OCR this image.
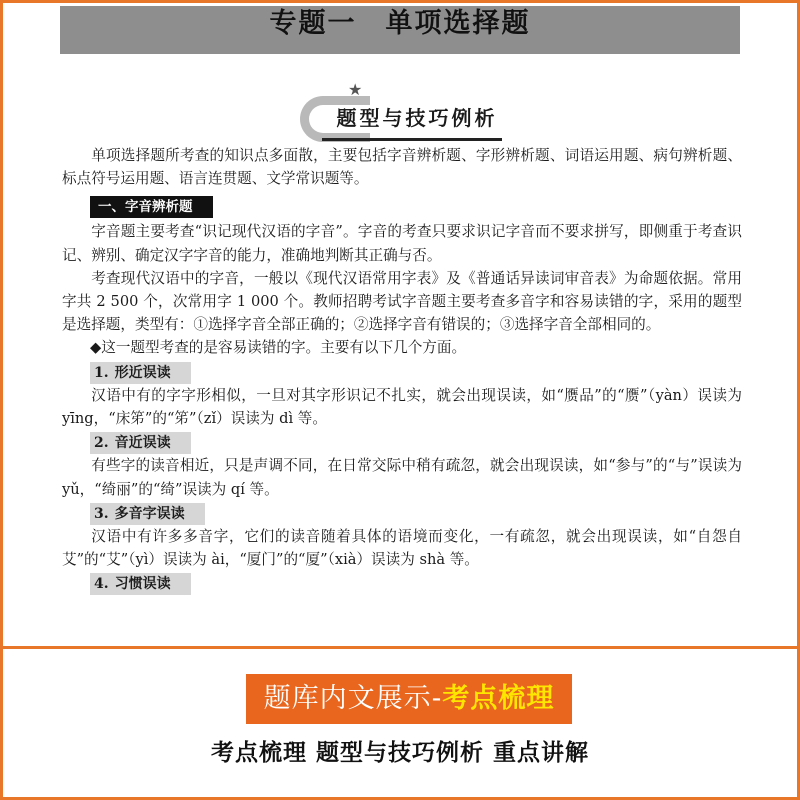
专题一　单项选择题
★
题型与技巧例析

单项选择题所考查的知识点多面散，主要包括字音辨析题、字形辨析题、词语运用题、病句辨析题、标点符号运用题、语言连贯题、文学常识题等。

一、字音辨析题

字音题主要考查“识记现代汉语的字音”。字音的考查只要求识记字音而不要求拼写，即侧重于考查识记、辨别、确定汉字字音的能力，准确地判断其正确与否。

考查现代汉语中的字音，一般以《现代汉语常用字表》及《普通话异读词审音表》为命题依据。常用字共 2 500 个，次常用字 1 000 个。教师招聘考试字音题主要考查多音字和容易读错的字，采用的题型是选择题，类型有：①选择字音全部正确的；②选择字音有错误的；③选择字音全部相同的。

◆这一题型考查的是容易读错的字。主要有以下几个方面。

1. 形近误读

汉语中有的字字形相似，一旦对其字形识记不扎实，就会出现误读，如“赝品”的“赝”（yàn）误读为 yīng，“床笫”的“笫”（zǐ）误读为 dì 等。

2. 音近误读

有些字的读音相近，只是声调不同，在日常交际中稍有疏忽，就会出现误读，如“参与”的“与”误读为 yǔ，“绮丽”的“绮”误读为 qí 等。

3. 多音字误读

汉语中有许多多音字，它们的读音随着具体的语境而变化，一有疏忽，就会出现误读，如“自怨自艾”的“艾”（yì）误读为 ài，“厦门”的“厦”（xià）误读为 shà 等。

4. 习惯误读
题库内文展示-考点梳理
考点梳理 题型与技巧例析 重点讲解
